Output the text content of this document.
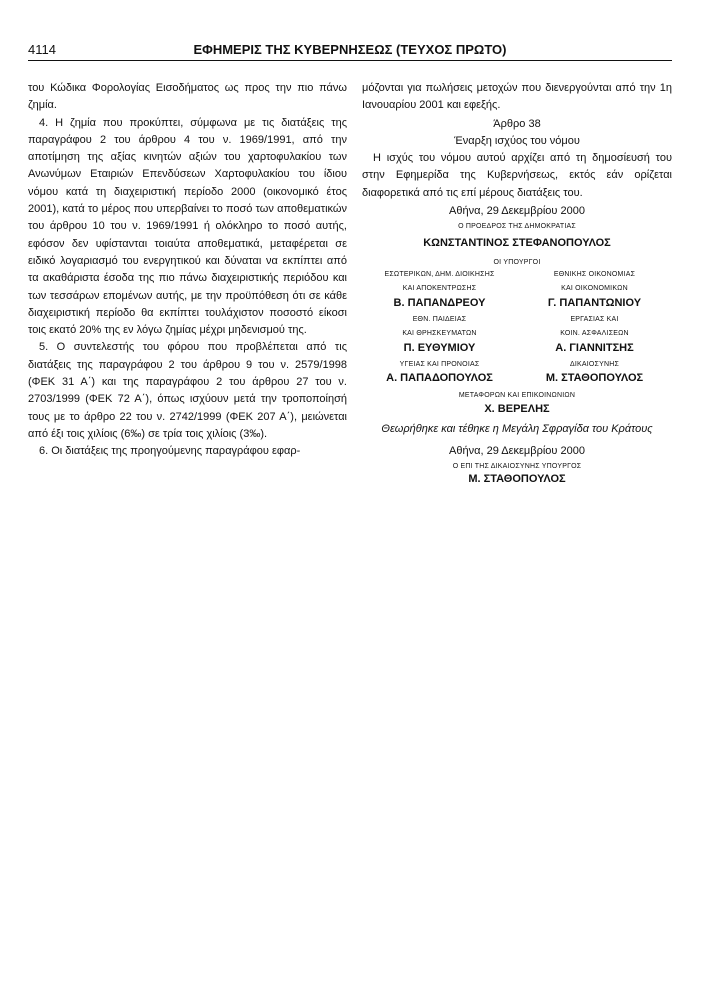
4114	ΕΦΗΜΕΡΙΣ ΤΗΣ ΚΥΒΕΡΝΗΣΕΩΣ (ΤΕΥΧΟΣ ΠΡΩΤΟ)

του Κώδικα Φορολογίας Εισοδήματος ως προς την πιο πάνω ζημία.

4. Η ζημία που προκύπτει, σύμφωνα με τις διατάξεις της παραγράφου 2 του άρθρου 4 του ν. 1969/1991, από την αποτίμηση της αξίας κινητών αξιών του χαρτοφυλακίου των Ανωνύμων Εταιριών Επενδύσεων Χαρτοφυλακίου του ίδιου νόμου κατά τη διαχειριστική περίοδο 2000 (οικονομικό έτος 2001), κατά το μέρος που υπερβαίνει το ποσό των αποθεματικών του άρθρου 10 του ν. 1969/1991 ή ολόκληρο το ποσό αυτής, εφόσον δεν υφίστανται τοιαύτα αποθεματικά, μεταφέρεται σε ειδικό λογαριασμό του ενεργητικού και δύναται να εκπίπτει από τα ακαθάριστα έσοδα της πιο πάνω διαχειριστικής περιόδου και των τεσσάρων επομένων αυτής, με την προϋπόθεση ότι σε κάθε διαχειριστική περίοδο θα εκπίπτει τουλάχιστον ποσοστό είκοσι τοις εκατό 20% της εν λόγω ζημίας μέχρι μηδενισμού της.

5. Ο συντελεστής του φόρου που προβλέπεται από τις διατάξεις της παραγράφου 2 του άρθρου 9 του ν. 2579/1998 (ΦΕΚ 31 Α΄) και της παραγράφου 2 του άρθρου 27 του ν. 2703/1999 (ΦΕΚ 72 Α΄), όπως ισχύουν μετά την τροποποίησή τους με το άρθρο 22 του ν. 2742/1999 (ΦΕΚ 207 Α΄), μειώνεται από έξι τοις χιλίοις (6‰) σε τρία τοις χιλίοις (3‰).

6. Οι διατάξεις της προηγούμενης παραγράφου εφαρ-

μόζονται για πωλήσεις μετοχών που διενεργούνται από την 1η Ιανουαρίου 2001 και εφεξής.

Άρθρο 38

Έναρξη ισχύος του νόμου

Η ισχύς του νόμου αυτού αρχίζει από τη δημοσίευσή του στην Εφημερίδα της Κυβερνήσεως, εκτός εάν ορίζεται διαφορετικά από τις επί μέρους διατάξεις του.

Αθήνα, 29 Δεκεμβρίου 2000

Ο ΠΡΟΕΔΡΟΣ ΤΗΣ ΔΗΜΟΚΡΑΤΙΑΣ

ΚΩΝΣΤΑΝΤΙΝΟΣ ΣΤΕΦΑΝΟΠΟΥΛΟΣ

ΟΙ ΥΠΟΥΡΓΟΙ

ΕΣΩΤΕΡΙΚΩΝ, ΔΗΜ. ΔΙΟΙΚΗΣΗΣ
ΚΑΙ ΑΠΟΚΕΝΤΡΩΣΗΣ
Β. ΠΑΠΑΝΔΡΕΟΥ
ΕΘΝΙΚΗΣ ΟΙΚΟΝΟΜΙΑΣ
ΚΑΙ ΟΙΚΟΝΟΜΙΚΩΝ
Γ. ΠΑΠΑΝΤΩΝΙΟΥ
ΕΘΝ. ΠΑΙΔΕΙΑΣ
ΚΑΙ ΘΡΗΣΚΕΥΜΑΤΩΝ
Π. ΕΥΘΥΜΙΟΥ
ΕΡΓΑΣΙΑΣ ΚΑΙ
ΚΟΙΝ. ΑΣΦΑΛΙΣΕΩΝ
Α. ΓΙΑΝΝΙΤΣΗΣ
ΥΓΕΙΑΣ ΚΑΙ ΠΡΟΝΟΙΑΣ
Α. ΠΑΠΑΔΟΠΟΥΛΟΣ
ΔΙΚΑΙΟΣΥΝΗΣ
Μ. ΣΤΑΘΟΠΟΥΛΟΣ
ΜΕΤΑΦΟΡΩΝ ΚΑΙ ΕΠΙΚΟΙΝΩΝΙΩΝ
Χ. ΒΕΡΕΛΗΣ

Θεωρήθηκε και τέθηκε η Μεγάλη Σφραγίδα του Κράτους

Αθήνα, 29 Δεκεμβρίου 2000

Ο ΕΠΙ ΤΗΣ ΔΙΚΑΙΟΣΥΝΗΣ ΥΠΟΥΡΓΟΣ
Μ. ΣΤΑΘΟΠΟΥΛΟΣ
